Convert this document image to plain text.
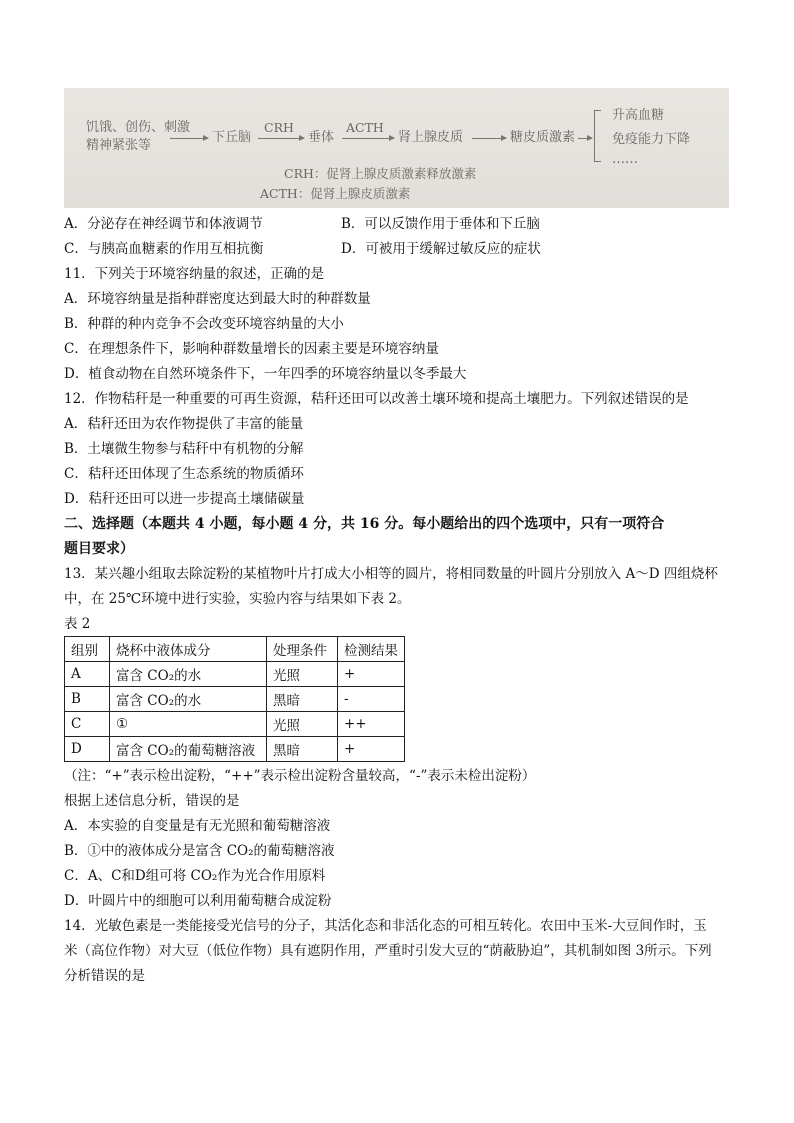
饥饿、创伤、刺激
精神紧张等
下丘脑
CRH
垂体
ACTH
肾上腺皮质	糖皮质激素
升高血糖
免疫能力下降
……
CRH：促肾上腺皮质激素释放激素
ACTH：促肾上腺皮质激素
A．分泌存在神经调节和体液调节	B．可以反馈作用于垂体和下丘脑
C．与胰高血糖素的作用互相抗衡	D．可被用于缓解过敏反应的症状
11．下列关于环境容纳量的叙述，正确的是
A．环境容纳量是指种群密度达到最大时的种群数量
B．种群的种内竞争不会改变环境容纳量的大小
C．在理想条件下，影响种群数量增长的因素主要是环境容纳量
D．植食动物在自然环境条件下，一年四季的环境容纳量以冬季最大
12．作物秸秆是一种重要的可再生资源，秸秆还田可以改善土壤环境和提高土壤肥力。下列叙述错误的是
A．秸秆还田为农作物提供了丰富的能量
B．土壤微生物参与秸秆中有机物的分解
C．秸秆还田体现了生态系统的物质循环
D．秸秆还田可以进一步提高土壤储碳量
二、选择题（本题共 4 小题，每小题 4 分，共 16 分。每小题给出的四个选项中，只有一项符合
题目要求）
13．某兴趣小组取去除淀粉的某植物叶片打成大小相等的圆片，将相同数量的叶圆片分别放入 A～D 四组烧杯
中，在 25℃环境中进行实验，实验内容与结果如下表 2。
表 2
组别	烧杯中液体成分	处理条件	检测结果
A	富含 CO₂的水	光照	+
B	富含 CO₂的水	黑暗	-
C	①	光照	++
D	富含 CO₂的葡萄糖溶液	黑暗	+
（注：“+”表示检出淀粉，“++”表示检出淀粉含量较高，“-”表示未检出淀粉）
根据上述信息分析，错误的是
A．本实验的自变量是有无光照和葡萄糖溶液
B．①中的液体成分是富含 CO₂的葡萄糖溶液
C．A、C和D组可将 CO₂作为光合作用原料
D．叶圆片中的细胞可以利用葡萄糖合成淀粉
14．光敏色素是一类能接受光信号的分子，其活化态和非活化态的可相互转化。农田中玉米-大豆间作时，玉
米（高位作物）对大豆（低位作物）具有遮阴作用，严重时引发大豆的“荫蔽胁迫”，其机制如图 3所示。下列
分析错误的是
